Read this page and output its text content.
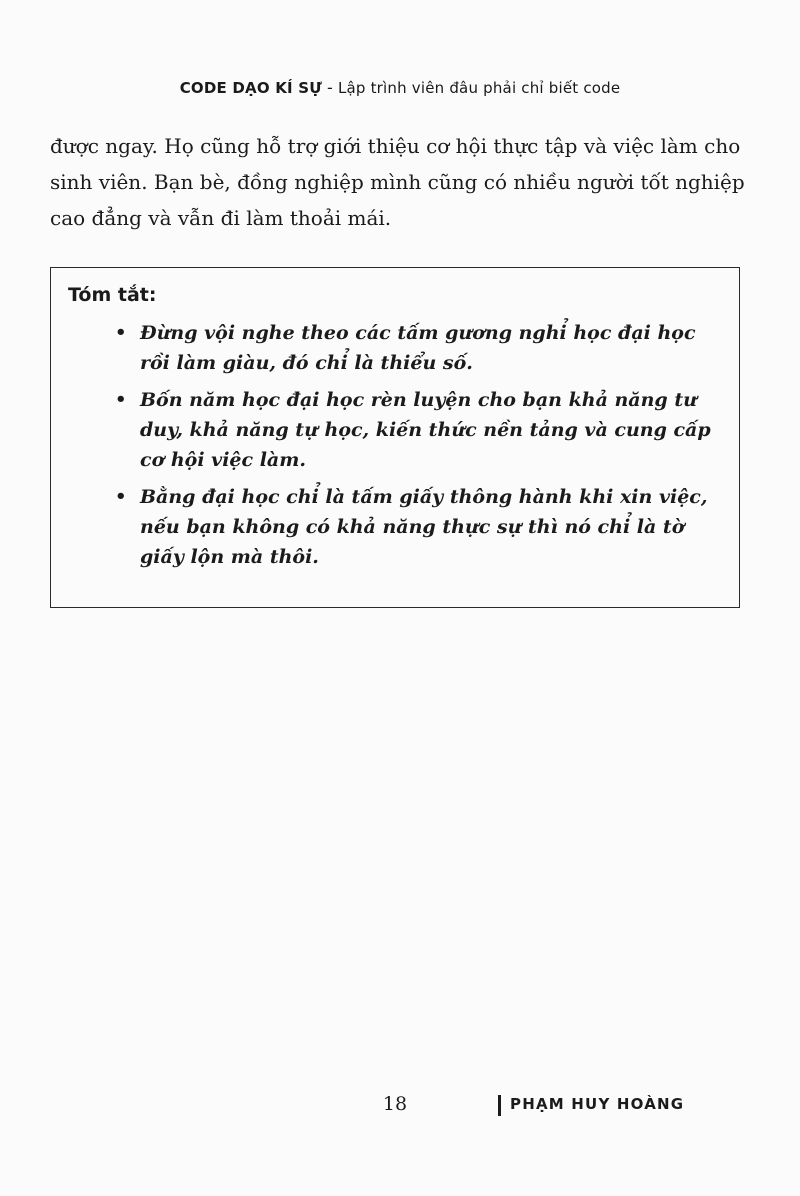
CODE DẠO KÍ SỰ - Lập trình viên đâu phải chỉ biết code

được ngay. Họ cũng hỗ trợ giới thiệu cơ hội thực tập và việc làm cho sinh viên. Bạn bè, đồng nghiệp mình cũng có nhiều người tốt nghiệp cao đẳng và vẫn đi làm thoải mái.

Tóm tắt:

• Đừng vội nghe theo các tấm gương nghỉ học đại học rồi làm giàu, đó chỉ là thiểu số.
• Bốn năm học đại học rèn luyện cho bạn khả năng tư duy, khả năng tự học, kiến thức nền tảng và cung cấp cơ hội việc làm.
• Bằng đại học chỉ là tấm giấy thông hành khi xin việc, nếu bạn không có khả năng thực sự thì nó chỉ là tờ giấy lộn mà thôi.
18	PHẠM HUY HOÀNG
